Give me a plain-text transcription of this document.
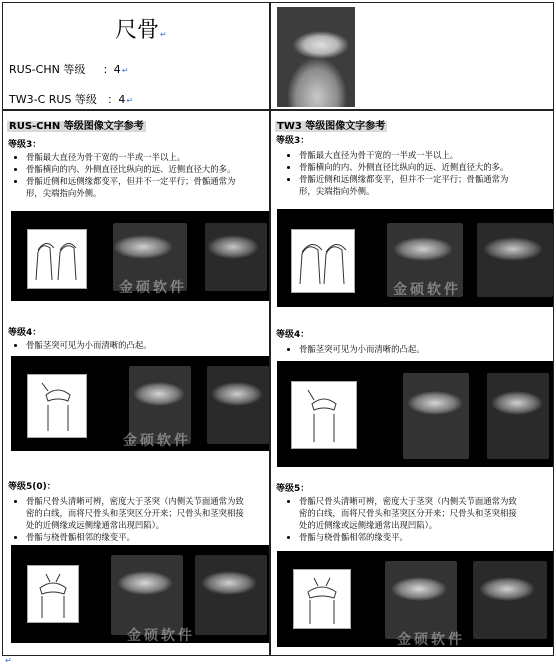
尺骨↵
RUS-CHN 等级 ：4↵
TW3-C RUS 等级 ：4↵
RUS-CHN 等级图像文字参考
等级3：
• 骨骺最大直径为骨干宽的一半或一半以上。
• 骨骺横向的内、外侧直径比纵向的远、近侧直径大的多。
• 骨骺近侧和远侧缘都变平，但并不一定平行；骨骺通常为
形，尖端指向外侧。
金硕软件
等级4：
• 骨骺茎突可见为小而清晰的凸起。
金硕软件
等级5(0)：
• 骨骺尺骨头清晰可辨，密度大于茎突（内侧关节面通常为致
密的白线，而将尺骨头和茎突区分开来；尺骨头和茎突相接
处的近侧缘或远侧缘通常出现凹陷）。
• 骨骺与桡骨骺相邻的缘变平。
金硕软件
TW3 等级图像文字参考
等级3：
• 骨骺最大直径为骨干宽的一半或一半以上。
• 骨骺横向的内、外侧直径比纵向的远、近侧直径大的多。
• 骨骺近侧和远侧缘都变平，但并不一定平行；骨骺通常为
形，尖端指向外侧。
金硕软件
等级4：
• 骨骺茎突可见为小而清晰的凸起。
等级5：
• 骨骺尺骨头清晰可辨，密度大于茎突（内侧关节面通常为致
密的白线，而将尺骨头和茎突区分开来；尺骨头和茎突相接
处的近侧缘或远侧缘通常出现凹陷）。
• 骨骺与桡骨骺相邻的缘变平。
金硕软件
↵
